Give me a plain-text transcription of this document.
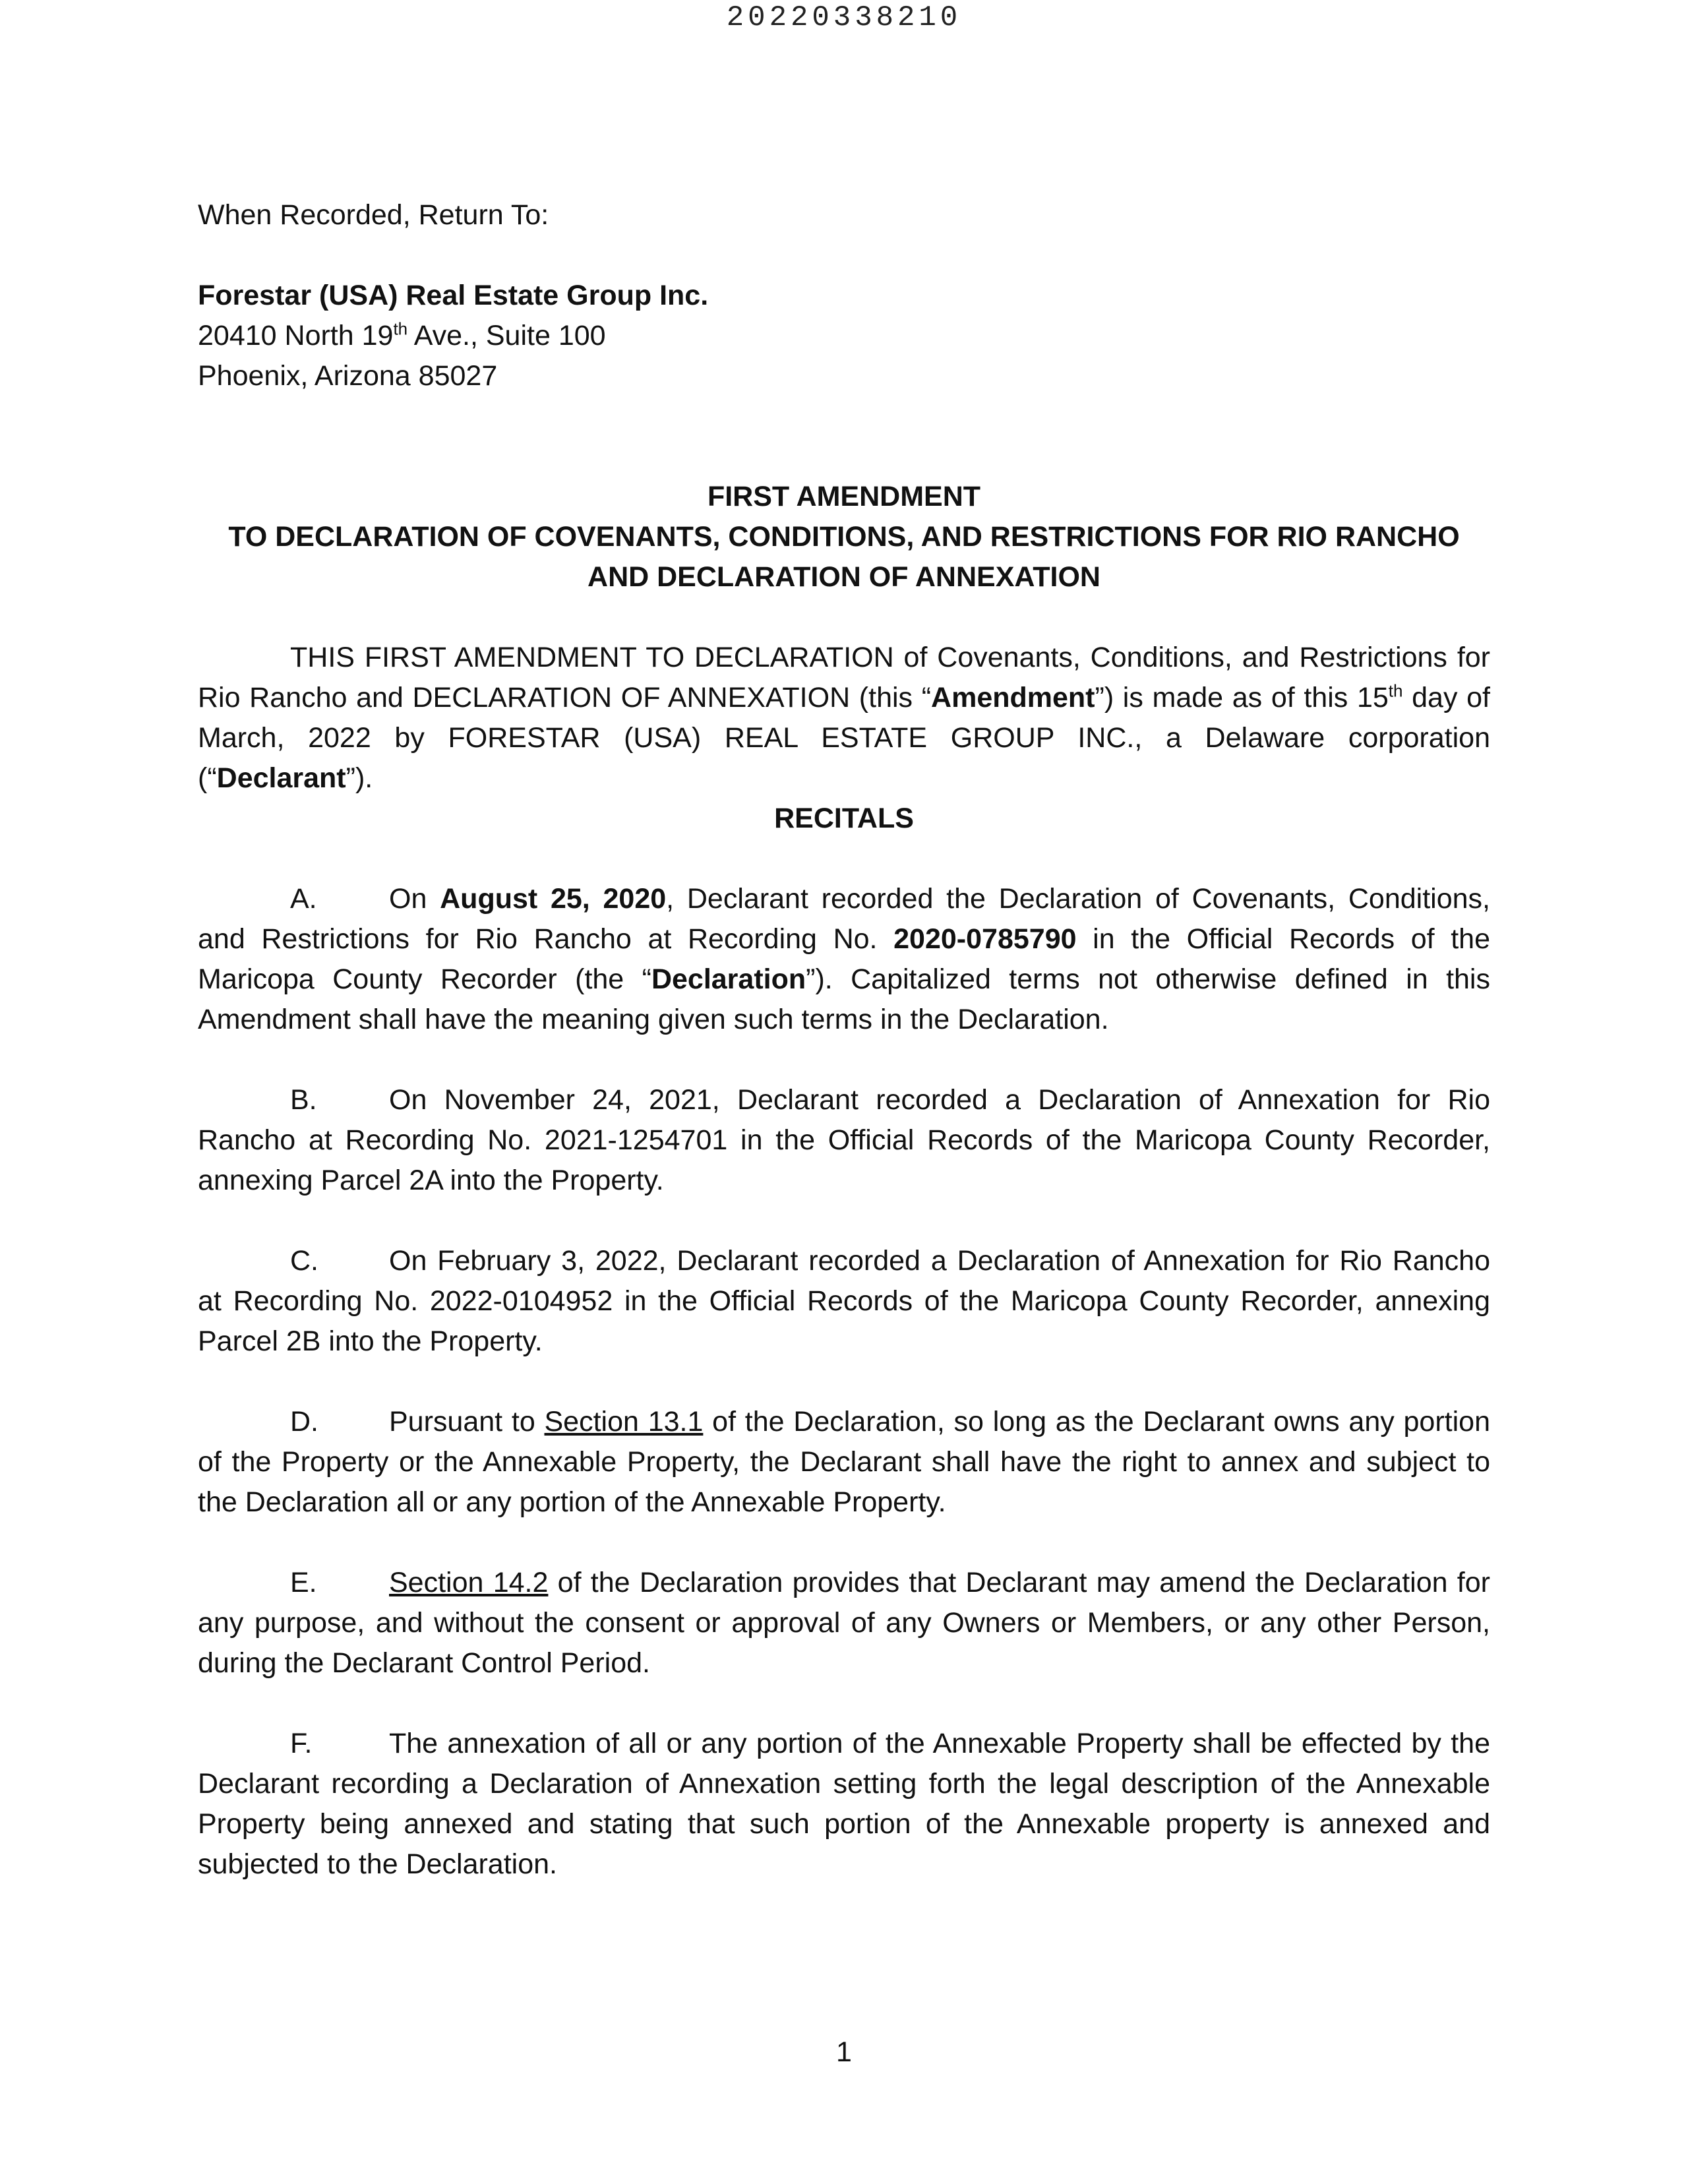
20220338210

When Recorded, Return To:

Forestar (USA) Real Estate Group Inc.
20410 North 19th Ave., Suite 100
Phoenix, Arizona 85027
FIRST AMENDMENT
TO DECLARATION OF COVENANTS, CONDITIONS, AND RESTRICTIONS FOR RIO RANCHO
AND DECLARATION OF ANNEXATION

THIS FIRST AMENDMENT TO DECLARATION of Covenants, Conditions, and Restrictions for Rio Rancho and DECLARATION OF ANNEXATION (this “Amendment”) is made as of this 15th day of March, 2022 by FORESTAR (USA) REAL ESTATE GROUP INC., a Delaware corporation (“Declarant”).

RECITALS

A.	On August 25, 2020, Declarant recorded the Declaration of Covenants, Conditions, and Restrictions for Rio Rancho at Recording No. 2020-0785790 in the Official Records of the Maricopa County Recorder (the “Declaration”). Capitalized terms not otherwise defined in this Amendment shall have the meaning given such terms in the Declaration.

B.	On November 24, 2021, Declarant recorded a Declaration of Annexation for Rio Rancho at Recording No. 2021-1254701 in the Official Records of the Maricopa County Recorder, annexing Parcel 2A into the Property.

C. On February 3, 2022, Declarant recorded a Declaration of Annexation for Rio Rancho at Recording No. 2022-0104952 in the Official Records of the Maricopa County Recorder, annexing Parcel 2B into the Property.

D. Pursuant to Section 13.1 of the Declaration, so long as the Declarant owns any portion of the Property or the Annexable Property, the Declarant shall have the right to annex and subject to the Declaration all or any portion of the Annexable Property.

E.	Section 14.2 of the Declaration provides that Declarant may amend the Declaration for any purpose, and without the consent or approval of any Owners or Members, or any other Person, during the Declarant Control Period.

F.	The annexation of all or any portion of the Annexable Property shall be effected by the Declarant recording a Declaration of Annexation setting forth the legal description of the Annexable Property being annexed and stating that such portion of the Annexable property is annexed and subjected to the Declaration.

1
